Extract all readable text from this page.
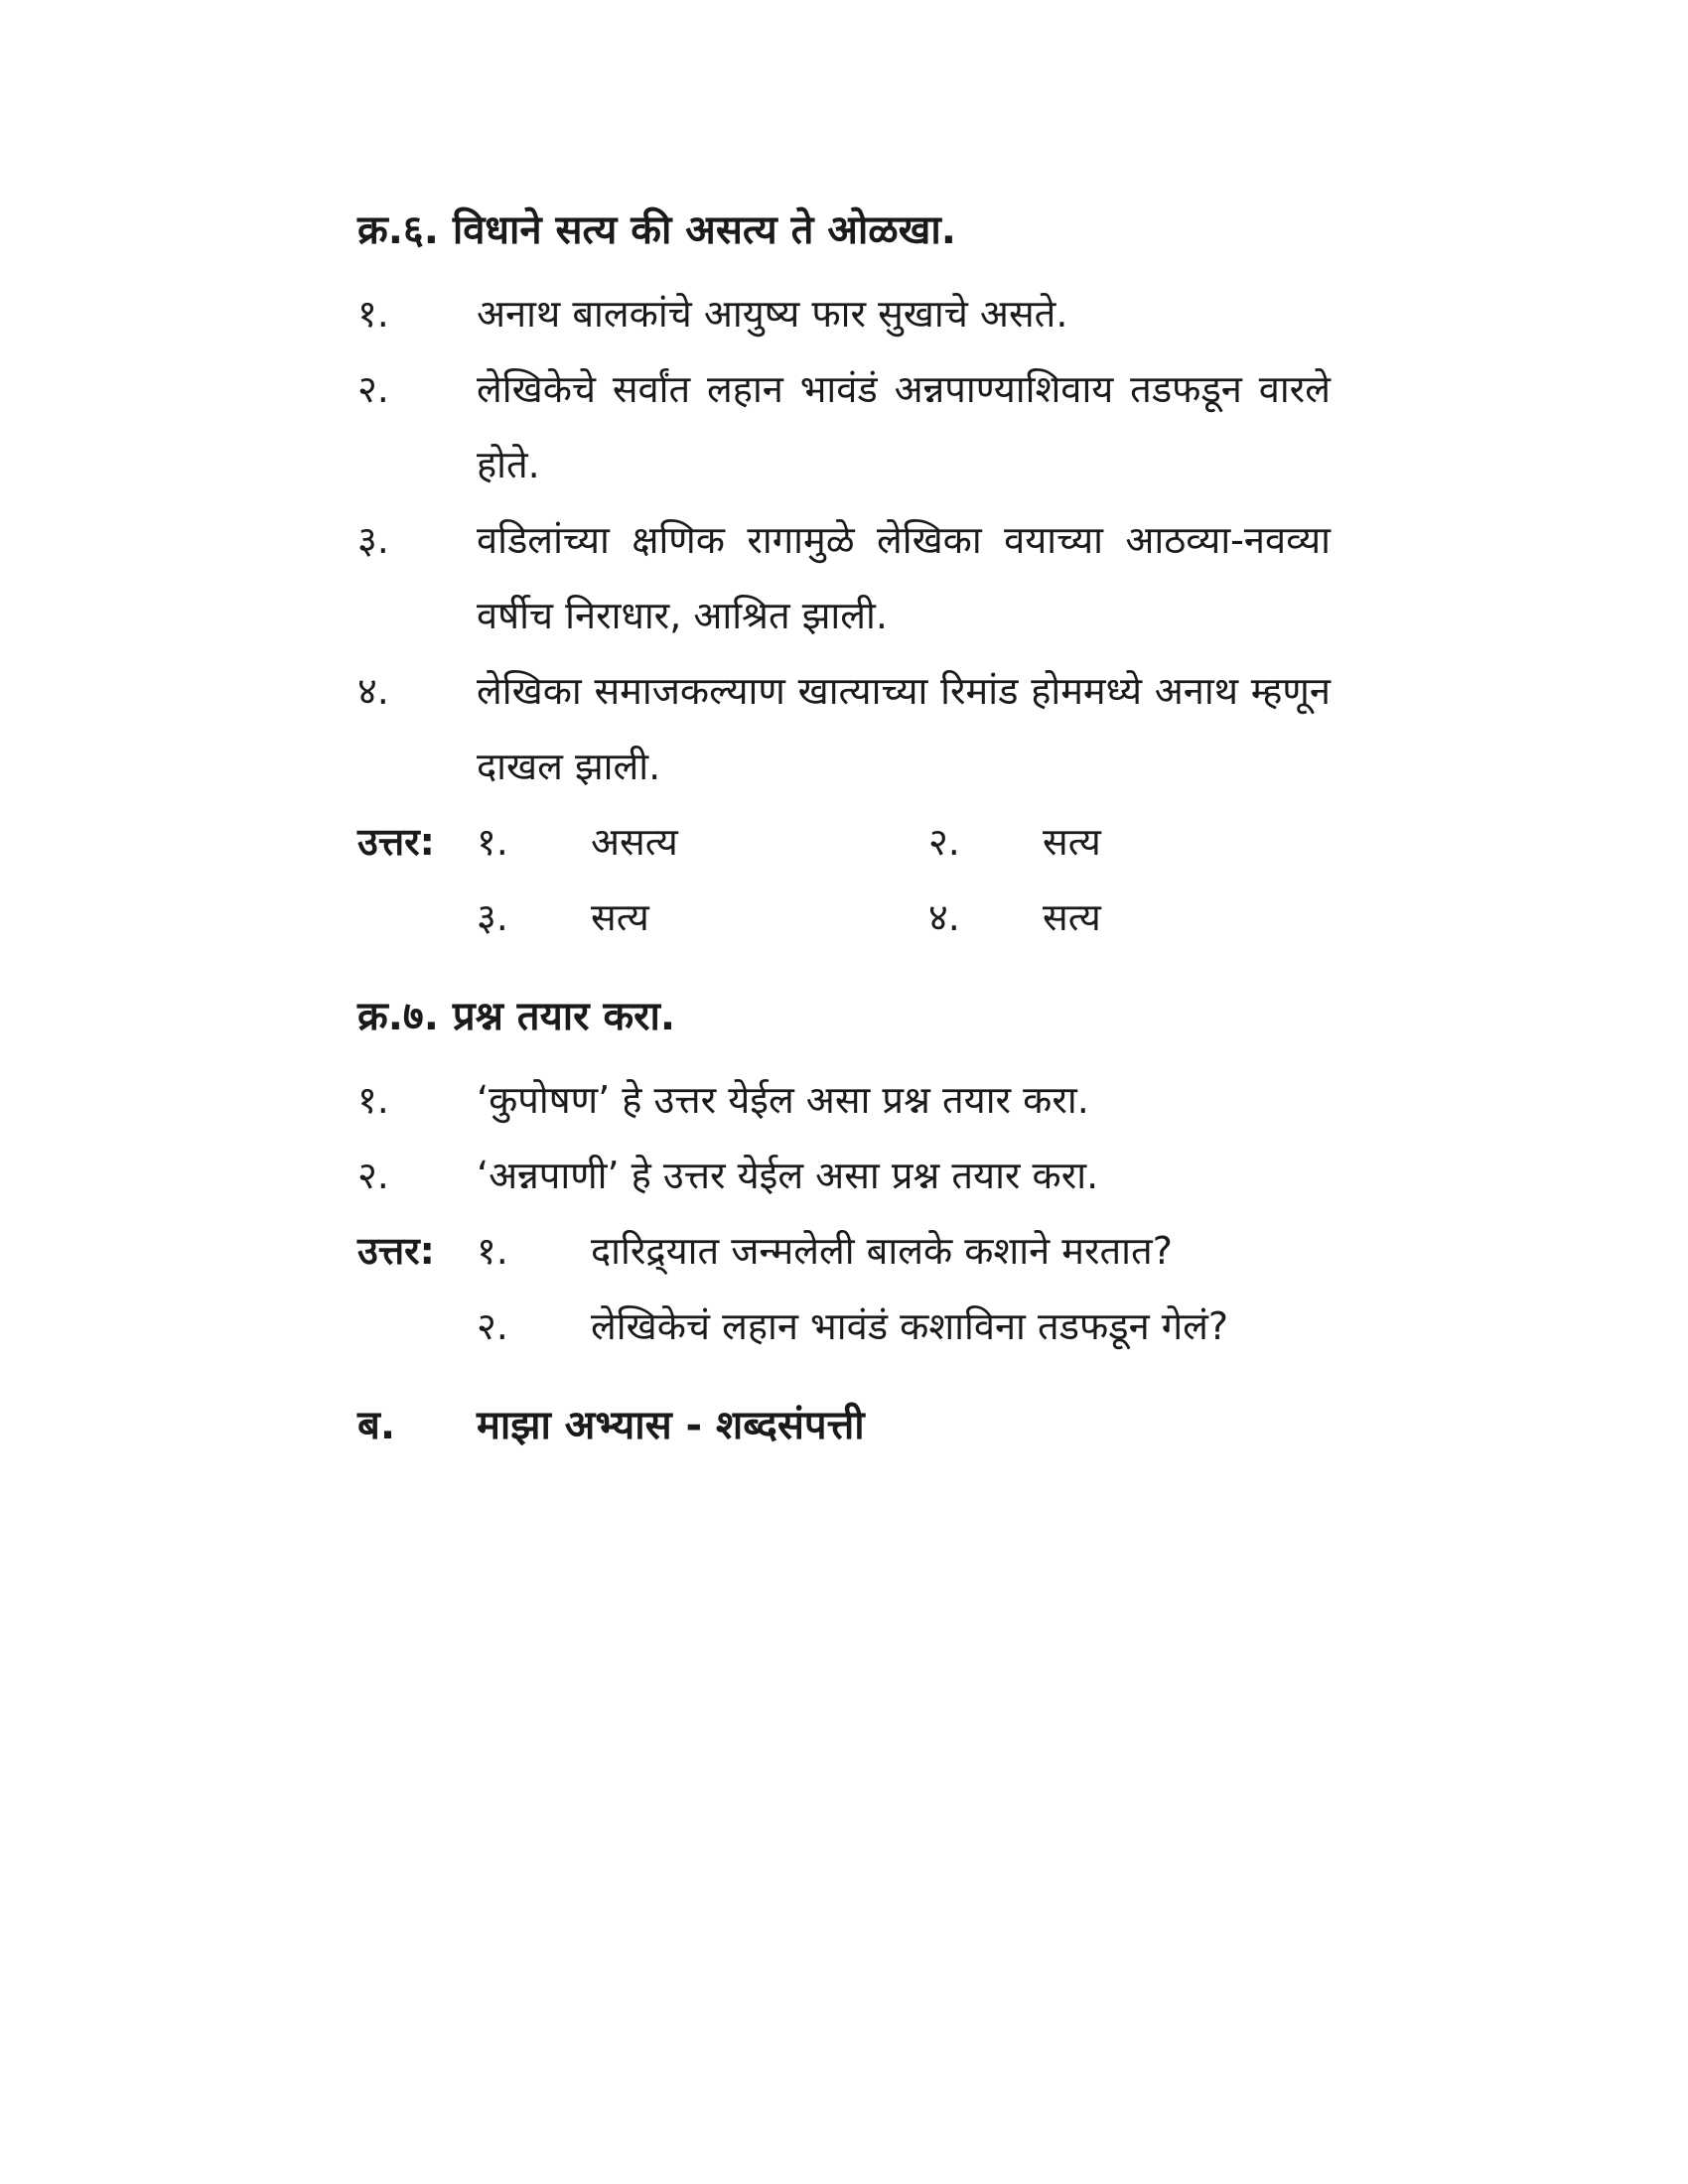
क्र.६. विधाने सत्य की असत्य ते ओळखा.
१.	अनाथ बालकांचे आयुष्य फार सुखाचे असते.
२.	लेखिकेचे सर्वांत लहान भावंडं अन्नपाण्याशिवाय तडफडून वारले होते.
३.	वडिलांच्या क्षणिक रागामुळे लेखिका वयाच्या आठव्या-नवव्या वर्षीच निराधार, आश्रित झाली.
४.	लेखिका समाजकल्याण खात्याच्या रिमांड होममध्ये अनाथ म्हणून दाखल झाली.
उत्तर:	१.	असत्य	२.	सत्य
३.	सत्य	४.	सत्य
क्र.७. प्रश्न तयार करा.
१.	‘कुपोषण’ हे उत्तर येईल असा प्रश्न तयार करा.
२.	‘अन्नपाणी’ हे उत्तर येईल असा प्रश्न तयार करा.
उत्तर:	१.	दारिद्र्यात जन्मलेली बालके कशाने मरतात?
२.	लेखिकेचं लहान भावंडं कशाविना तडफडून गेलं?
ब.	माझा अभ्यास - शब्दसंपत्ती
